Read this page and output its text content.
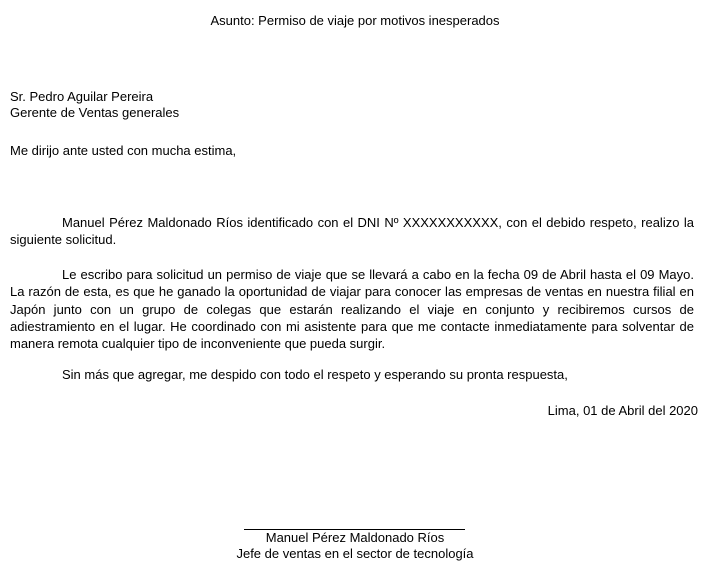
Asunto: Permiso de viaje por motivos inesperados
Sr. Pedro Aguilar Pereira
Gerente de Ventas generales
Me dirijo ante usted con mucha estima,
Manuel Pérez Maldonado Ríos identificado con el DNI Nº XXXXXXXXXXX, con el debido respeto, realizo la siguiente solicitud.
Le escribo para solicitud un permiso de viaje que se llevará a cabo en la fecha 09 de Abril hasta el 09 Mayo. La razón de esta, es que he ganado la oportunidad de viajar para conocer las empresas de ventas en nuestra filial en Japón junto con un grupo de colegas que estarán realizando el viaje en conjunto y recibiremos cursos de adiestramiento en el lugar. He coordinado con mi asistente para que me contacte inmediatamente para solventar de manera remota cualquier tipo de inconveniente que pueda surgir.
Sin más que agregar, me despido con todo el respeto y esperando su pronta respuesta,
Lima, 01 de Abril del 2020
Manuel Pérez Maldonado Ríos
Jefe de ventas en el sector de tecnología
